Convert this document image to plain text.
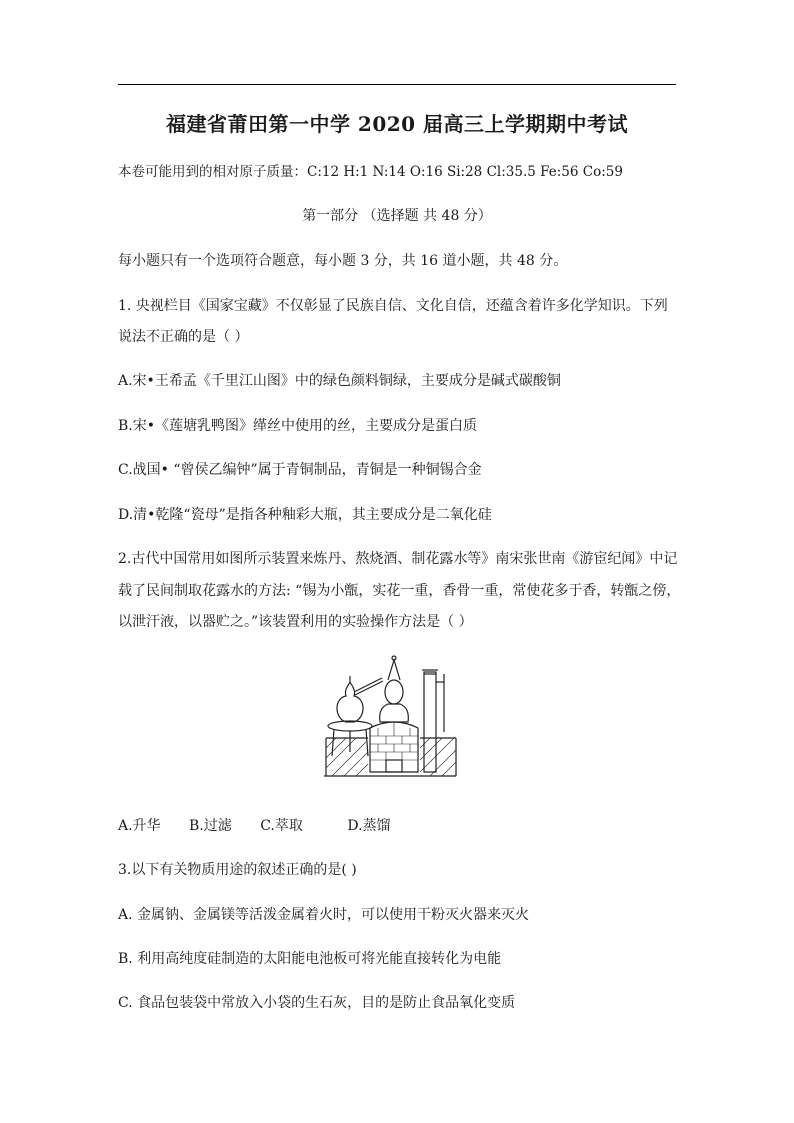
福建省莆田第一中学 2020 届高三上学期期中考试
本卷可能用到的相对原子质量：C:12 H:1 N:14 O:16 Si:28 Cl:35.5 Fe:56 Co:59
第一部分 （选择题 共 48 分）
每小题只有一个选项符合题意，每小题 3 分，共 16 道小题，共 48 分。
1. 央视栏目《国家宝藏》不仅彰显了民族自信、文化自信，还蕴含着许多化学知识。下列
说法不正确的是（ ）
A.宋•王希孟《千里江山图》中的绿色颜料铜绿，主要成分是碱式碳酸铜
B.宋•《莲塘乳鸭图》缂丝中使用的丝，主要成分是蛋白质
C.战国• “曾侯乙编钟”属于青铜制品，青铜是一种铜锡合金
D.清•乾隆“瓷母”是指各种釉彩大瓶，其主要成分是二氧化硅
2.古代中国常用如图所示装置来炼丹、熬烧酒、制花露水等》南宋张世南《游宦纪闻》中记
载了民间制取花露水的方法: “锡为小甑，实花一重，香骨一重，常使花多于香，转甑之傍，
以泄汗液，以器贮之。”该装置利用的实验操作方法是（ ）
A.升华 B.过滤 C.萃取	D.蒸馏
3.以下有关物质用途的叙述正确的是( )
A. 金属钠、金属镁等活泼金属着火时，可以使用干粉灭火器来灭火
B. 利用高纯度硅制造的太阳能电池板可将光能直接转化为电能
C. 食品包装袋中常放入小袋的生石灰，目的是防止食品氧化变质
